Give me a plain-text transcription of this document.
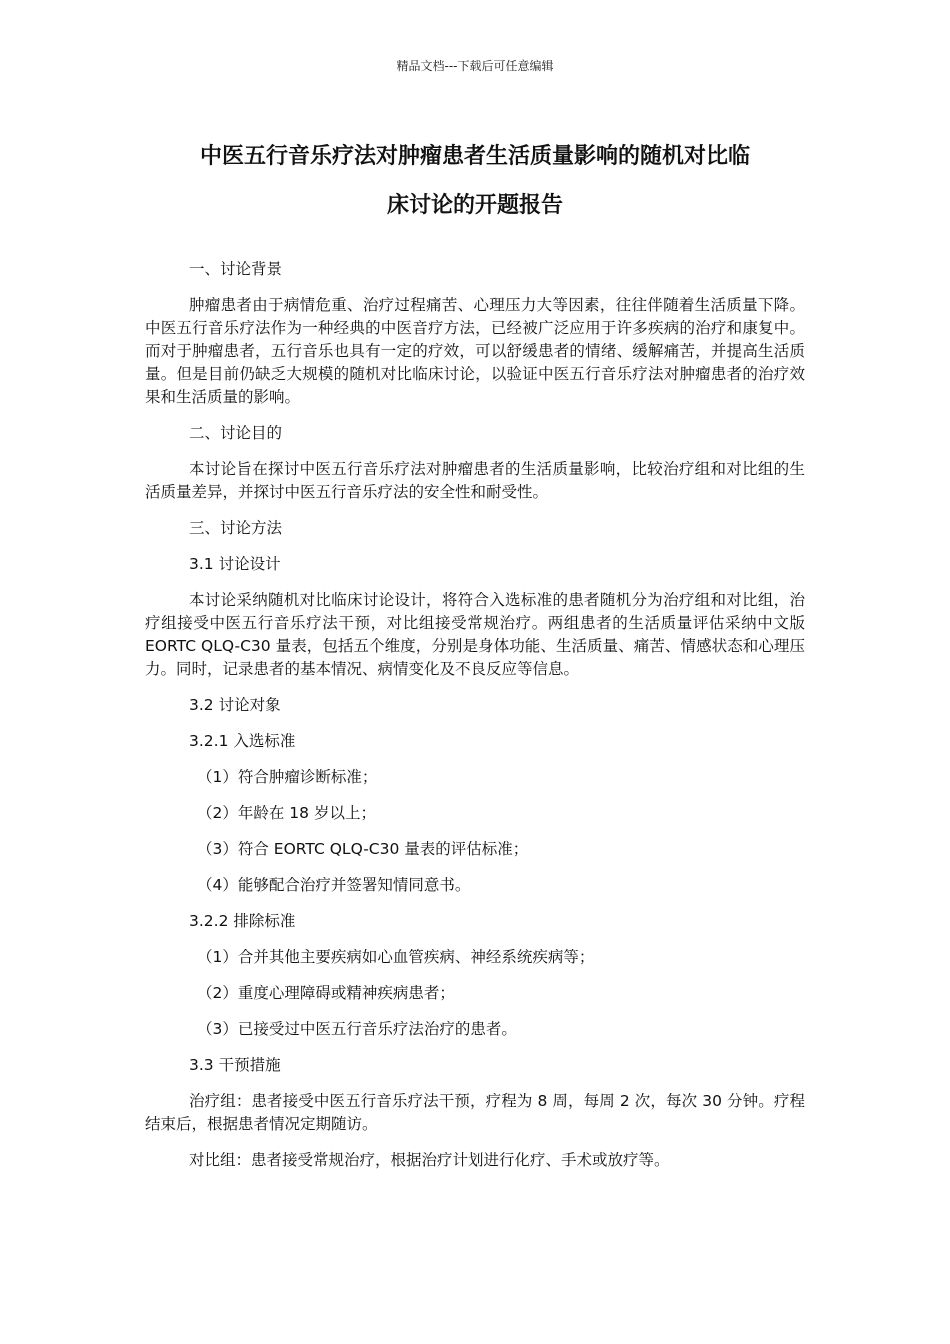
精品文档---下载后可任意编辑
中医五行音乐疗法对肿瘤患者生活质量影响的随机对比临
床讨论的开题报告
一、讨论背景
肿瘤患者由于病情危重、治疗过程痛苦、心理压力大等因素，往往伴随着生活质量下降。中医五行音乐疗法作为一种经典的中医音疗方法，已经被广泛应用于许多疾病的治疗和康复中。而对于肿瘤患者，五行音乐也具有一定的疗效，可以舒缓患者的情绪、缓解痛苦，并提高生活质量。但是目前仍缺乏大规模的随机对比临床讨论，以验证中医五行音乐疗法对肿瘤患者的治疗效果和生活质量的影响。
二、讨论目的
本讨论旨在探讨中医五行音乐疗法对肿瘤患者的生活质量影响，比较治疗组和对比组的生活质量差异，并探讨中医五行音乐疗法的安全性和耐受性。
三、讨论方法
3.1 讨论设计
本讨论采纳随机对比临床讨论设计，将符合入选标准的患者随机分为治疗组和对比组，治疗组接受中医五行音乐疗法干预，对比组接受常规治疗。两组患者的生活质量评估采纳中文版 EORTC QLQ-C30 量表，包括五个维度，分别是身体功能、生活质量、痛苦、情感状态和心理压力。同时，记录患者的基本情况、病情变化及不良反应等信息。
3.2 讨论对象
3.2.1 入选标准
（1）符合肿瘤诊断标准；
（2）年龄在 18 岁以上；
（3）符合 EORTC QLQ-C30 量表的评估标准；
（4）能够配合治疗并签署知情同意书。
3.2.2 排除标准
（1）合并其他主要疾病如心血管疾病、神经系统疾病等；
（2）重度心理障碍或精神疾病患者；
（3）已接受过中医五行音乐疗法治疗的患者。
3.3 干预措施
治疗组：患者接受中医五行音乐疗法干预，疗程为 8 周，每周 2 次，每次 30 分钟。疗程结束后，根据患者情况定期随访。
对比组：患者接受常规治疗，根据治疗计划进行化疗、手术或放疗等。
